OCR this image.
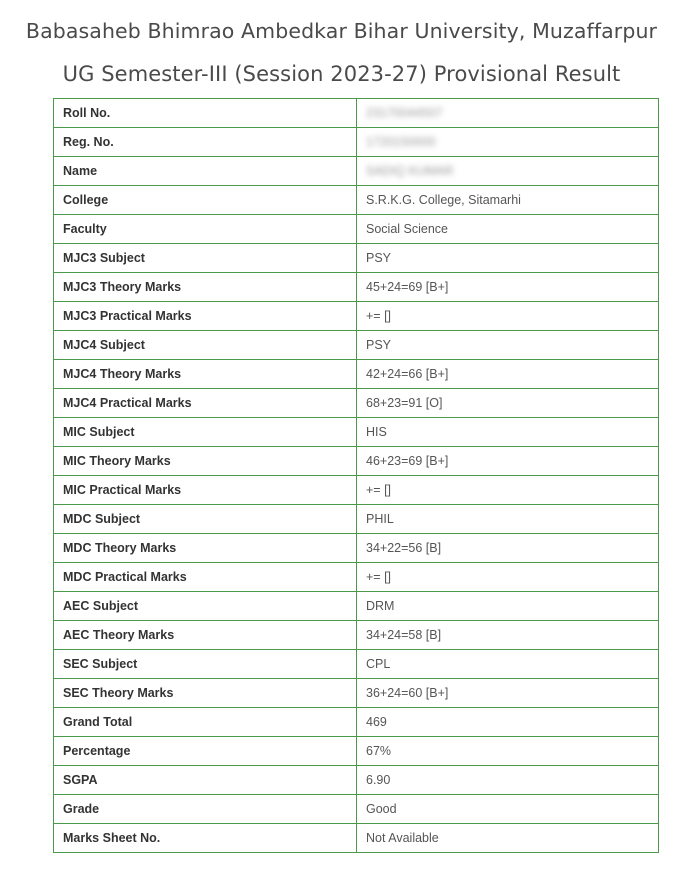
Babasaheb Bhimrao Ambedkar Bihar University, Muzaffarpur
UG Semester-III (Session 2023-27) Provisional Result
Roll No.	23170044507
Reg. No.	1720150000
Name	SADIQ KUMAR
College	S.R.K.G. College, Sitamarhi
Faculty	Social Science
MJC3 Subject	PSY
MJC3 Theory Marks	45+24=69 [B+]
MJC3 Practical Marks	+= []
MJC4 Subject	PSY
MJC4 Theory Marks	42+24=66 [B+]
MJC4 Practical Marks	68+23=91 [O]
MIC Subject	HIS
MIC Theory Marks	46+23=69 [B+]
MIC Practical Marks	+= []
MDC Subject	PHIL
MDC Theory Marks	34+22=56 [B]
MDC Practical Marks	+= []
AEC Subject	DRM
AEC Theory Marks	34+24=58 [B]
SEC Subject	CPL
SEC Theory Marks	36+24=60 [B+]
Grand Total	469
Percentage	67%
SGPA	6.90
Grade	Good
Marks Sheet No.	Not Available
